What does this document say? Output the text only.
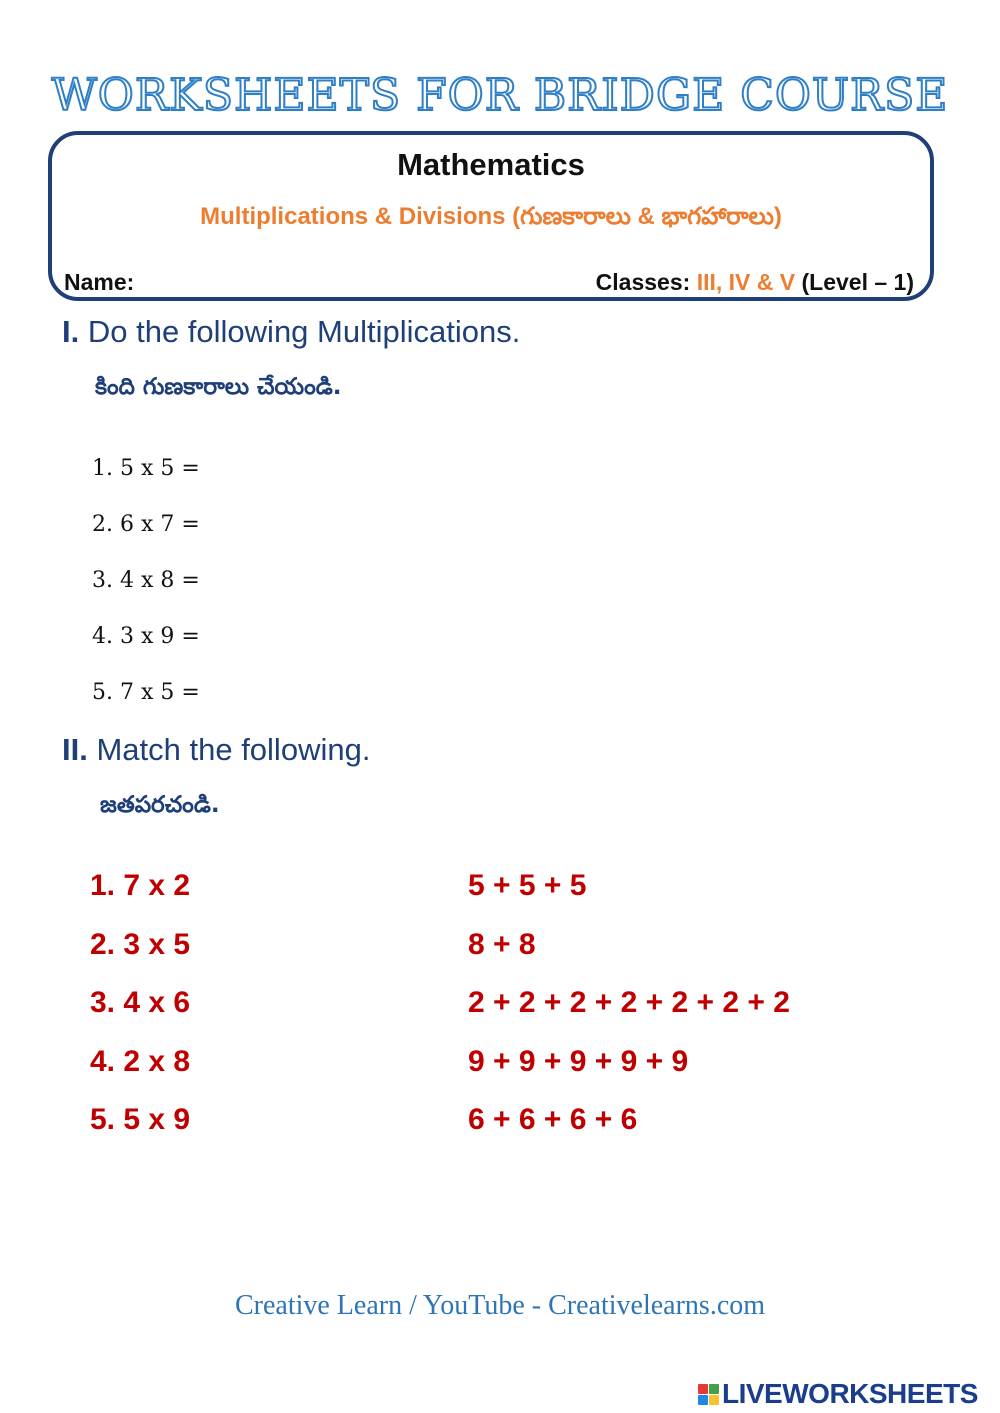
WORKSHEETS FOR BRIDGE COURSE
Mathematics
Multiplications & Divisions (గుణకారాలు & భాగహారాలు)
Name:	Classes: III, IV & V (Level – 1)
I. Do the following Multiplications.
కింది గుణకారాలు చేయండి.
1. 5 x 5 =
2. 6 x 7 =
3. 4 x 8 =
4. 3 x 9 =
5. 7 x 5 =
II. Match the following.
జతపరచండి.
1. 7 x 2
2. 3 x 5
3. 4 x 6
4. 2 x 8
5. 5 x 9
5 + 5 + 5
8 + 8
2 + 2 + 2 + 2 + 2 + 2 + 2
9 + 9 + 9 + 9 + 9
6 + 6 + 6 + 6
Creative Learn / YouTube - Creativelearns.com
LIVEWORKSHEETS
